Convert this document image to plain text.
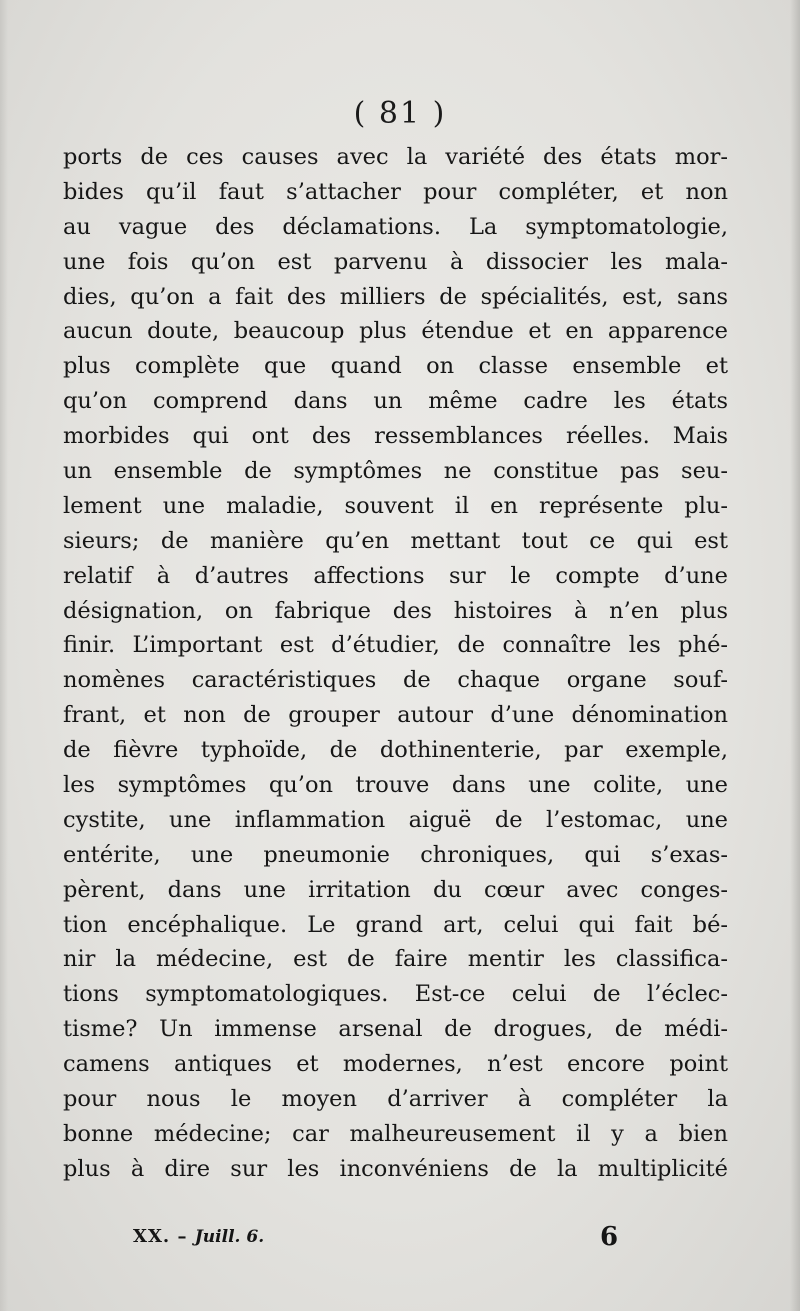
( 81 )
ports de ces causes avec la variété des états mor-
bides qu’il faut s’attacher pour compléter, et non
au vague des déclamations. La symptomatologie,
une fois qu’on est parvenu à dissocier les mala-
dies, qu’on a fait des milliers de spécialités, est, sans
aucun doute, beaucoup plus étendue et en apparence
plus complète que quand on classe ensemble et
qu’on comprend dans un même cadre les états
morbides qui ont des ressemblances réelles. Mais
un ensemble de symptômes ne constitue pas seu-
lement une maladie, souvent il en représente plu-
sieurs; de manière qu’en mettant tout ce qui est
relatif à d’autres affections sur le compte d’une
désignation, on fabrique des histoires à n’en plus
finir. L’important est d’étudier, de connaître les phé-
nomènes caractéristiques de chaque organe souf-
frant, et non de grouper autour d’une dénomination
de fièvre typhoïde, de dothinenterie, par exemple,
les symptômes qu’on trouve dans une colite, une
cystite, une inflammation aiguë de l’estomac, une
entérite, une pneumonie chroniques, qui s’exas-
pèrent, dans une irritation du cœur avec conges-
tion encéphalique. Le grand art, celui qui fait bé-
nir la médecine, est de faire mentir les classifica-
tions symptomatologiques. Est-ce celui de l’éclec-
tisme? Un immense arsenal de drogues, de médi-
camens antiques et modernes, n’est encore point
pour nous le moyen d’arriver à compléter la
bonne médecine; car malheureusement il y a bien
plus à dire sur les inconvéniens de la multiplicité
XX. – Juill. 6.	6
